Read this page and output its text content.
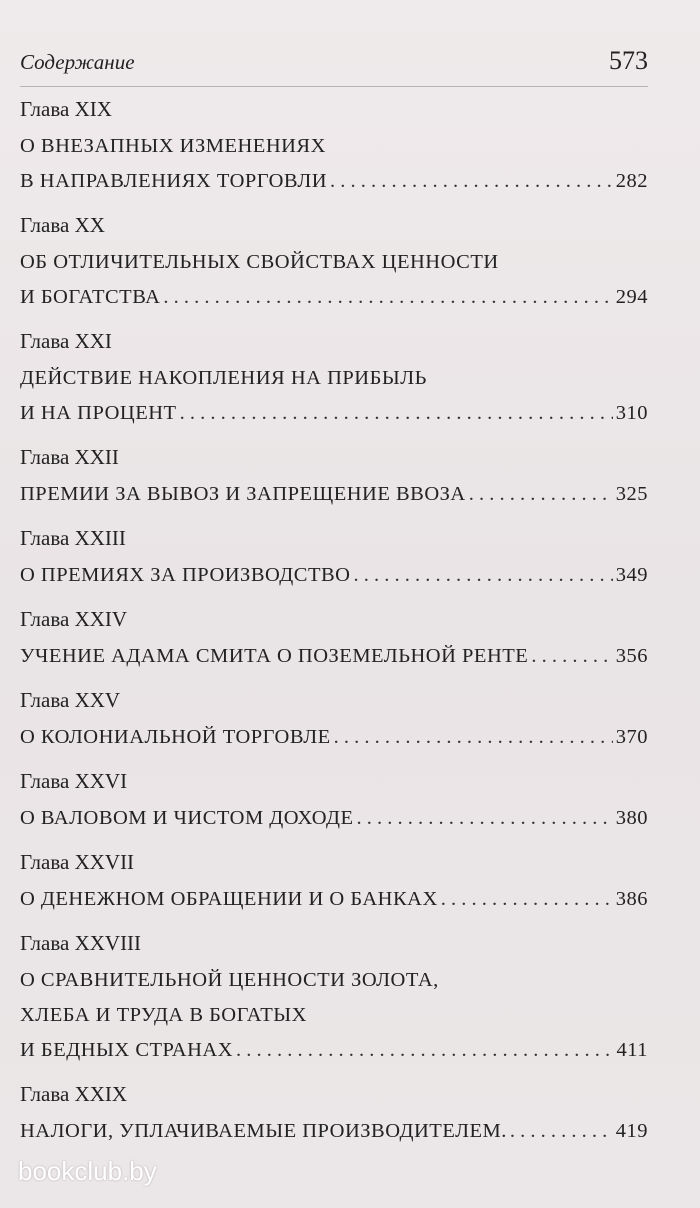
Содержание	573
Глава XIX
О ВНЕЗАПНЫХ ИЗМЕНЕНИЯХ
В НАПРАВЛЕНИЯХ ТОРГОВЛИ . . .	282
Глава XX
ОБ ОТЛИЧИТЕЛЬНЫХ СВОЙСТВАХ ЦЕННОСТИ
И БОГАТСТВА . . .	294
Глава XXI
ДЕЙСТВИЕ НАКОПЛЕНИЯ НА ПРИБЫЛЬ
И НА ПРОЦЕНТ . . .	310
Глава XXII
ПРЕМИИ ЗА ВЫВОЗ И ЗАПРЕЩЕНИЕ ВВОЗА . . .	325
Глава XXIII
О ПРЕМИЯХ ЗА ПРОИЗВОДСТВО . . .	349
Глава XXIV
УЧЕНИЕ АДАМА СМИТА О ПОЗЕМЕЛЬНОЙ РЕНТЕ . . .	356
Глава XXV
О КОЛОНИАЛЬНОЙ ТОРГОВЛЕ . . .	370
Глава XXVI
О ВАЛОВОМ И ЧИСТОМ ДОХОДЕ . . .	380
Глава XXVII
О ДЕНЕЖНОМ ОБРАЩЕНИИ И О БАНКАХ . . .	386
Глава XXVIII
О СРАВНИТЕЛЬНОЙ ЦЕННОСТИ ЗОЛОТА,
ХЛЕБА И ТРУДА В БОГАТЫХ
И БЕДНЫХ СТРАНАХ . . .	411
Глава XXIX
НАЛОГИ, УПЛАЧИВАЕМЫЕ ПРОИЗВОДИТЕЛЕМ. . . .	419
bookclub.by
